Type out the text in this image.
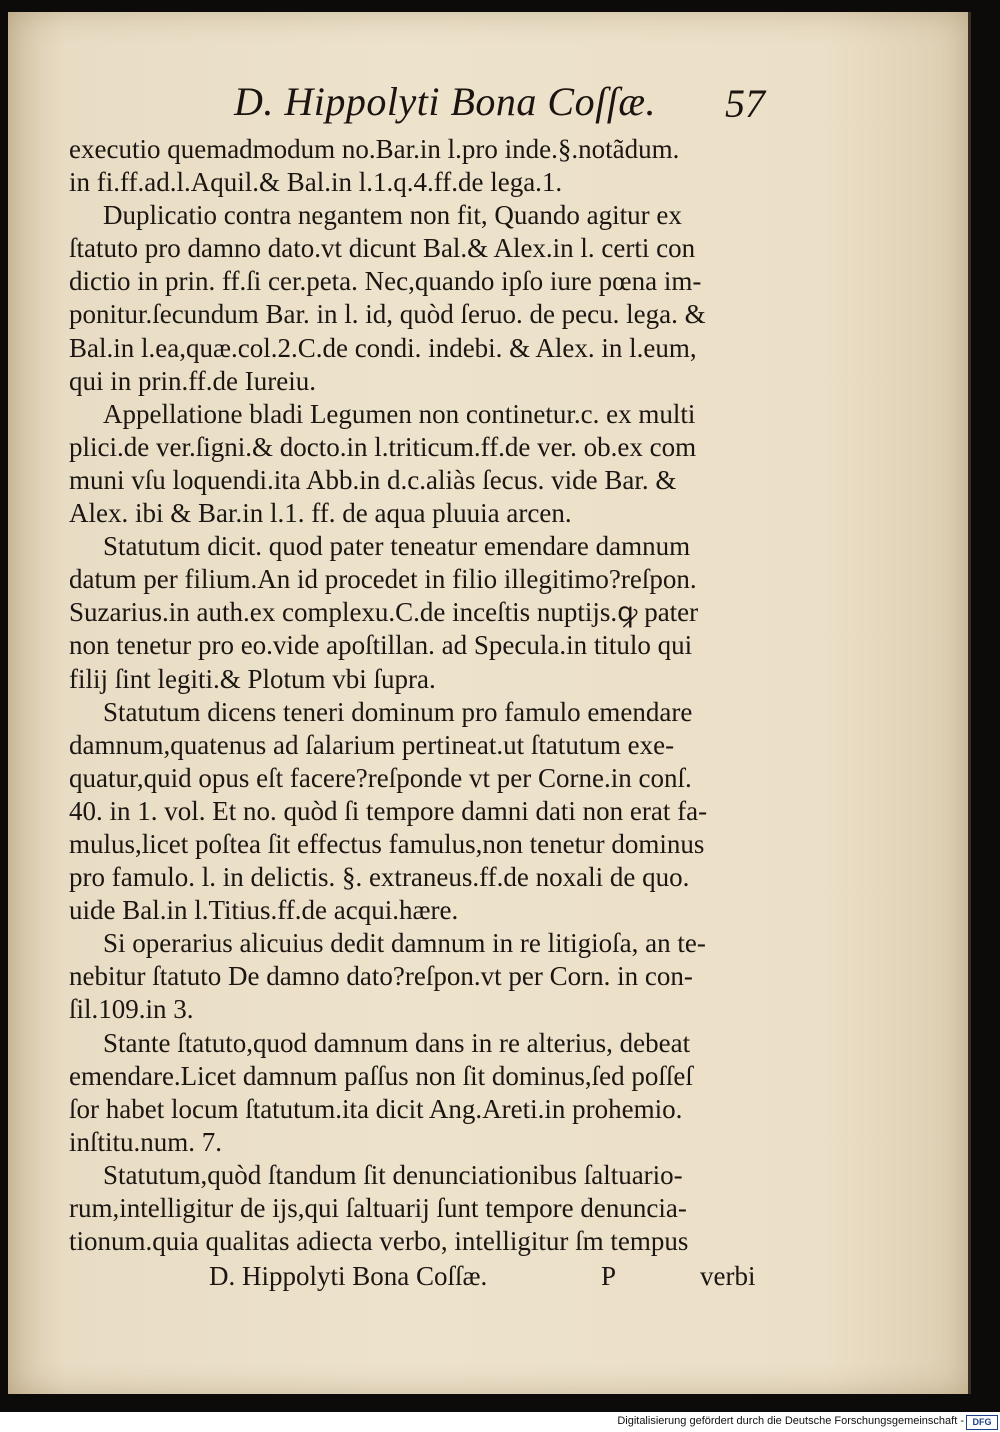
D. Hippolyti Bona Coſſæ. 57
executio quemadmodum no.Bar.in l.pro inde.§.notãdum.
in fi.ff.ad.l.Aquil.& Bal.in l.1.q.4.ff.de lega.1.
Duplicatio contra negantem non fit, Quando agitur ex
ſtatuto pro damno dato.vt dicunt Bal.& Alex.in l. certi con
dictio in prin. ff.ſi cer.peta. Nec,quando ipſo iure pœna im-
ponitur.ſecundum Bar. in l. id, quòd ſeruo. de pecu. lega. &
Bal.in l.ea,quæ.col.2.C.de condi. indebi. & Alex. in l.eum,
qui in prin.ff.de Iureiu.
Appellatione bladi Legumen non continetur.c. ex multi
plici.de ver.ſigni.& docto.in l.triticum.ff.de ver. ob.ex com
muni vſu loquendi.ita Abb.in d.c.aliàs ſecus. vide Bar. &
Alex. ibi & Bar.in l.1. ff. de aqua pluuia arcen.
Statutum dicit. quod pater teneatur emendare damnum
datum per filium.An id procedet in filio illegitimo?reſpon.
Suzarius.in auth.ex complexu.C.de inceſtis nuptijs.ꝙ pater
non tenetur pro eo.vide apoſtillan. ad Specula.in titulo qui
filij ſint legiti.& Plotum vbi ſupra.
Statutum dicens teneri dominum pro famulo emendare
damnum,quatenus ad ſalarium pertineat.ut ſtatutum exe-
quatur,quid opus eſt facere?reſponde vt per Corne.in conſ.
40. in 1. vol. Et no. quòd ſi tempore damni dati non erat fa-
mulus,licet poſtea ſit effectus famulus,non tenetur dominus
pro famulo. l. in delictis. §. extraneus.ff.de noxali de quo.
uide Bal.in l.Titius.ff.de acqui.hære.
Si operarius alicuius dedit damnum in re litigioſa, an te-
nebitur ſtatuto De damno dato?reſpon.vt per Corn. in con-
ſil.109.in 3.
Stante ſtatuto,quod damnum dans in re alterius, debeat
emendare.Licet damnum paſſus non ſit dominus,ſed poſſeſ
ſor habet locum ſtatutum.ita dicit Ang.Areti.in prohemio.
inſtitu.num. 7.
Statutum,quòd ſtandum ſit denunciationibus ſaltuario-
rum,intelligitur de ijs,qui ſaltuarij ſunt tempore denuncia-
tionum.quia qualitas adiecta verbo, intelligitur ſm tempus
D. Hippolyti Bona Coſſæ.	P	verbi
Digitalisierung gefördert durch die Deutsche Forschungsgemeinschaft - DFG
